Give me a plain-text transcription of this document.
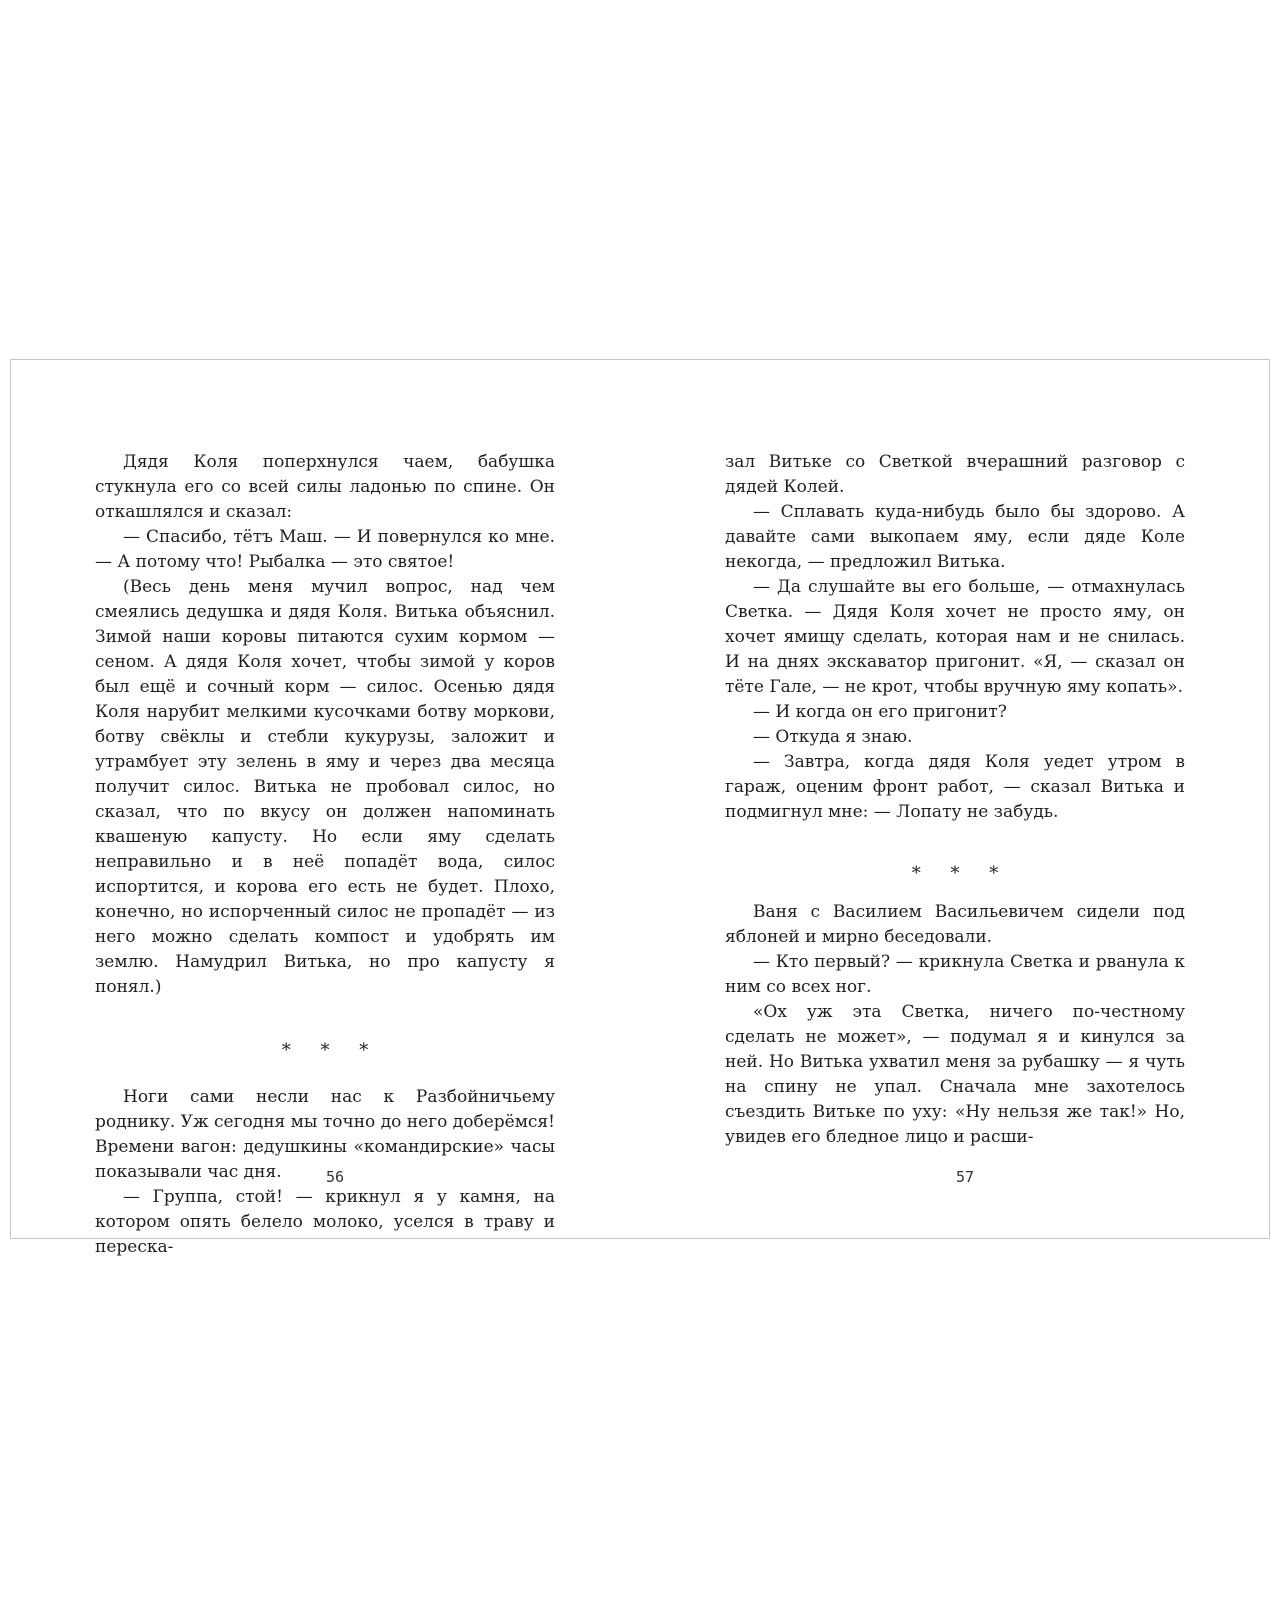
Дядя Коля поперхнулся чаем, бабушка стукнула его со всей силы ладонью по спине. Он откашлялся и сказал:

— Спасибо, тётъ Маш. — И повернулся ко мне. — А потому что! Рыбалка — это святое!

(Весь день меня мучил вопрос, над чем смеялись дедушка и дядя Коля. Витька объяснил. Зимой наши коровы питаются сухим кормом — сеном. А дядя Коля хочет, чтобы зимой у коров был ещё и сочный корм — силос. Осенью дядя Коля нарубит мелкими кусочками ботву моркови, ботву свёклы и стебли кукурузы, заложит и утрамбует эту зелень в яму и через два месяца получит силос. Витька не пробовал силос, но сказал, что по вкусу он должен напоминать квашеную капусту. Но если яму сделать неправильно и в неё попадёт вода, силос испортится, и корова его есть не будет. Плохо, конечно, но испорченный силос не пропадёт — из него можно сделать компост и удобрять им землю. Намудрил Витька, но про капусту я понял.)

* * *

Ноги сами несли нас к Разбойничьему роднику. Уж сегодня мы точно до него доберёмся! Времени вагон: дедушкины «командирские» часы показывали час дня.

— Группа, стой! — крикнул я у камня, на котором опять белело молоко, уселся в траву и переска-

зал Витьке со Светкой вчерашний разговор с дядей Колей.

— Сплавать куда-нибудь было бы здорово. А давайте сами выкопаем яму, если дяде Коле некогда, — предложил Витька.

— Да слушайте вы его больше, — отмахнулась Светка. — Дядя Коля хочет не просто яму, он хочет ямищу сделать, которая нам и не снилась. И на днях экскаватор пригонит. «Я, — сказал он тёте Гале, — не крот, чтобы вручную яму копать».

— И когда он его пригонит?

— Откуда я знаю.

— Завтра, когда дядя Коля уедет утром в гараж, оценим фронт работ, — сказал Витька и подмигнул мне: — Лопату не забудь.

* * *

Ваня с Василием Васильевичем сидели под яблоней и мирно беседовали.

— Кто первый? — крикнула Светка и рванула к ним со всех ног.

«Ох уж эта Светка, ничего по-честному сделать не может», — подумал я и кинулся за ней. Но Витька ухватил меня за рубашку — я чуть на спину не упал. Сначала мне захотелось съездить Витьке по уху: «Ну нельзя же так!» Но, увидев его бледное лицо и расши-

56	57
